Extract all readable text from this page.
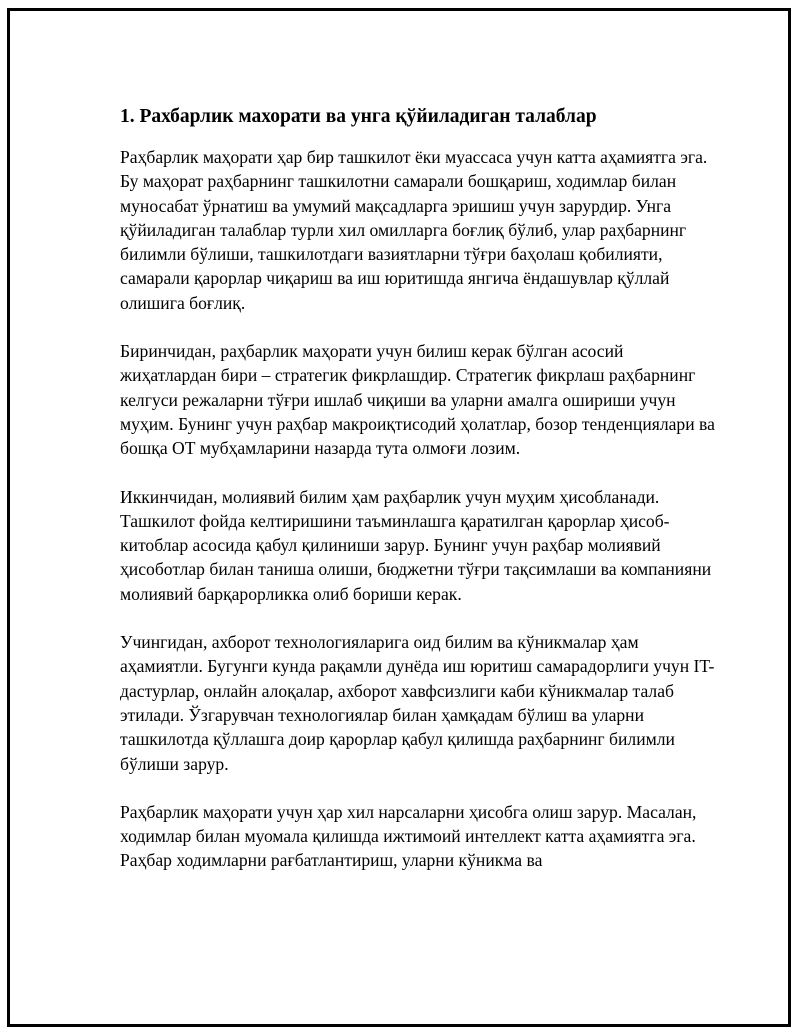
1. Рахбарлик махорати ва унга қўйиладиган талаблар

Раҳбарлик маҳорати ҳар бир ташкилот ёки муассаса учун катта аҳамиятга эга. Бу маҳорат раҳбарнинг ташкилотни самарали бошқариш, ходимлар билан муносабат ўрнатиш ва умумий мақсадларга эришиш учун зарурдир. Унга қўйиладиган талаблар турли хил омилларга боғлиқ бўлиб, улар раҳбарнинг билимли бўлиши, ташкилотдаги вазиятларни тўғри баҳолаш қобилияти, самарали қарорлар чиқариш ва иш юритишда янгича ёндашувлар қўллай олишига боғлиқ.

Биринчидан, раҳбарлик маҳорати учун билиш керак бўлган асосий жиҳатлардан бири – стратегик фикрлашдир. Стратегик фикрлаш раҳбарнинг келгуси режаларни тўғри ишлаб чиқиши ва уларни амалга ошириши учун муҳим. Бунинг учун раҳбар макроиқтисодий ҳолатлар, бозор тенденциялари ва бошқа ОТ мубҳамларини назарда тута олмоғи лозим.

Иккинчидан, молиявий билим ҳам раҳбарлик учун муҳим ҳисобланади. Ташкилот фойда келтиришини таъминлашга қаратилган қарорлар ҳисоб-китоблар асосида қабул қилиниши зарур. Бунинг учун раҳбар молиявий ҳисоботлар билан таниша олиши, бюджетни тўғри тақсимлаши ва компанияни молиявий барқарорликка олиб бориши керак.

Учингидан, ахборот технологияларига оид билим ва кўникмалар ҳам аҳамиятли. Бугунги кунда рақамли дунёда иш юритиш самарадорлиги учун IT-дастурлар, онлайн алоқалар, ахборот хавфсизлиги каби кўникмалар талаб этилади. Ўзгарувчан технологиялар билан ҳамқадам бўлиш ва уларни ташкилотда қўллашга доир қарорлар қабул қилишда раҳбарнинг билимли бўлиши зарур.

Раҳбарлик маҳорати учун ҳар хил нарсаларни ҳисобга олиш зарур. Масалан, ходимлар билан муомала қилишда ижтимоий интеллект катта аҳамиятга эга. Раҳбар ходимларни рағбатлантириш, уларни кўникма ва
